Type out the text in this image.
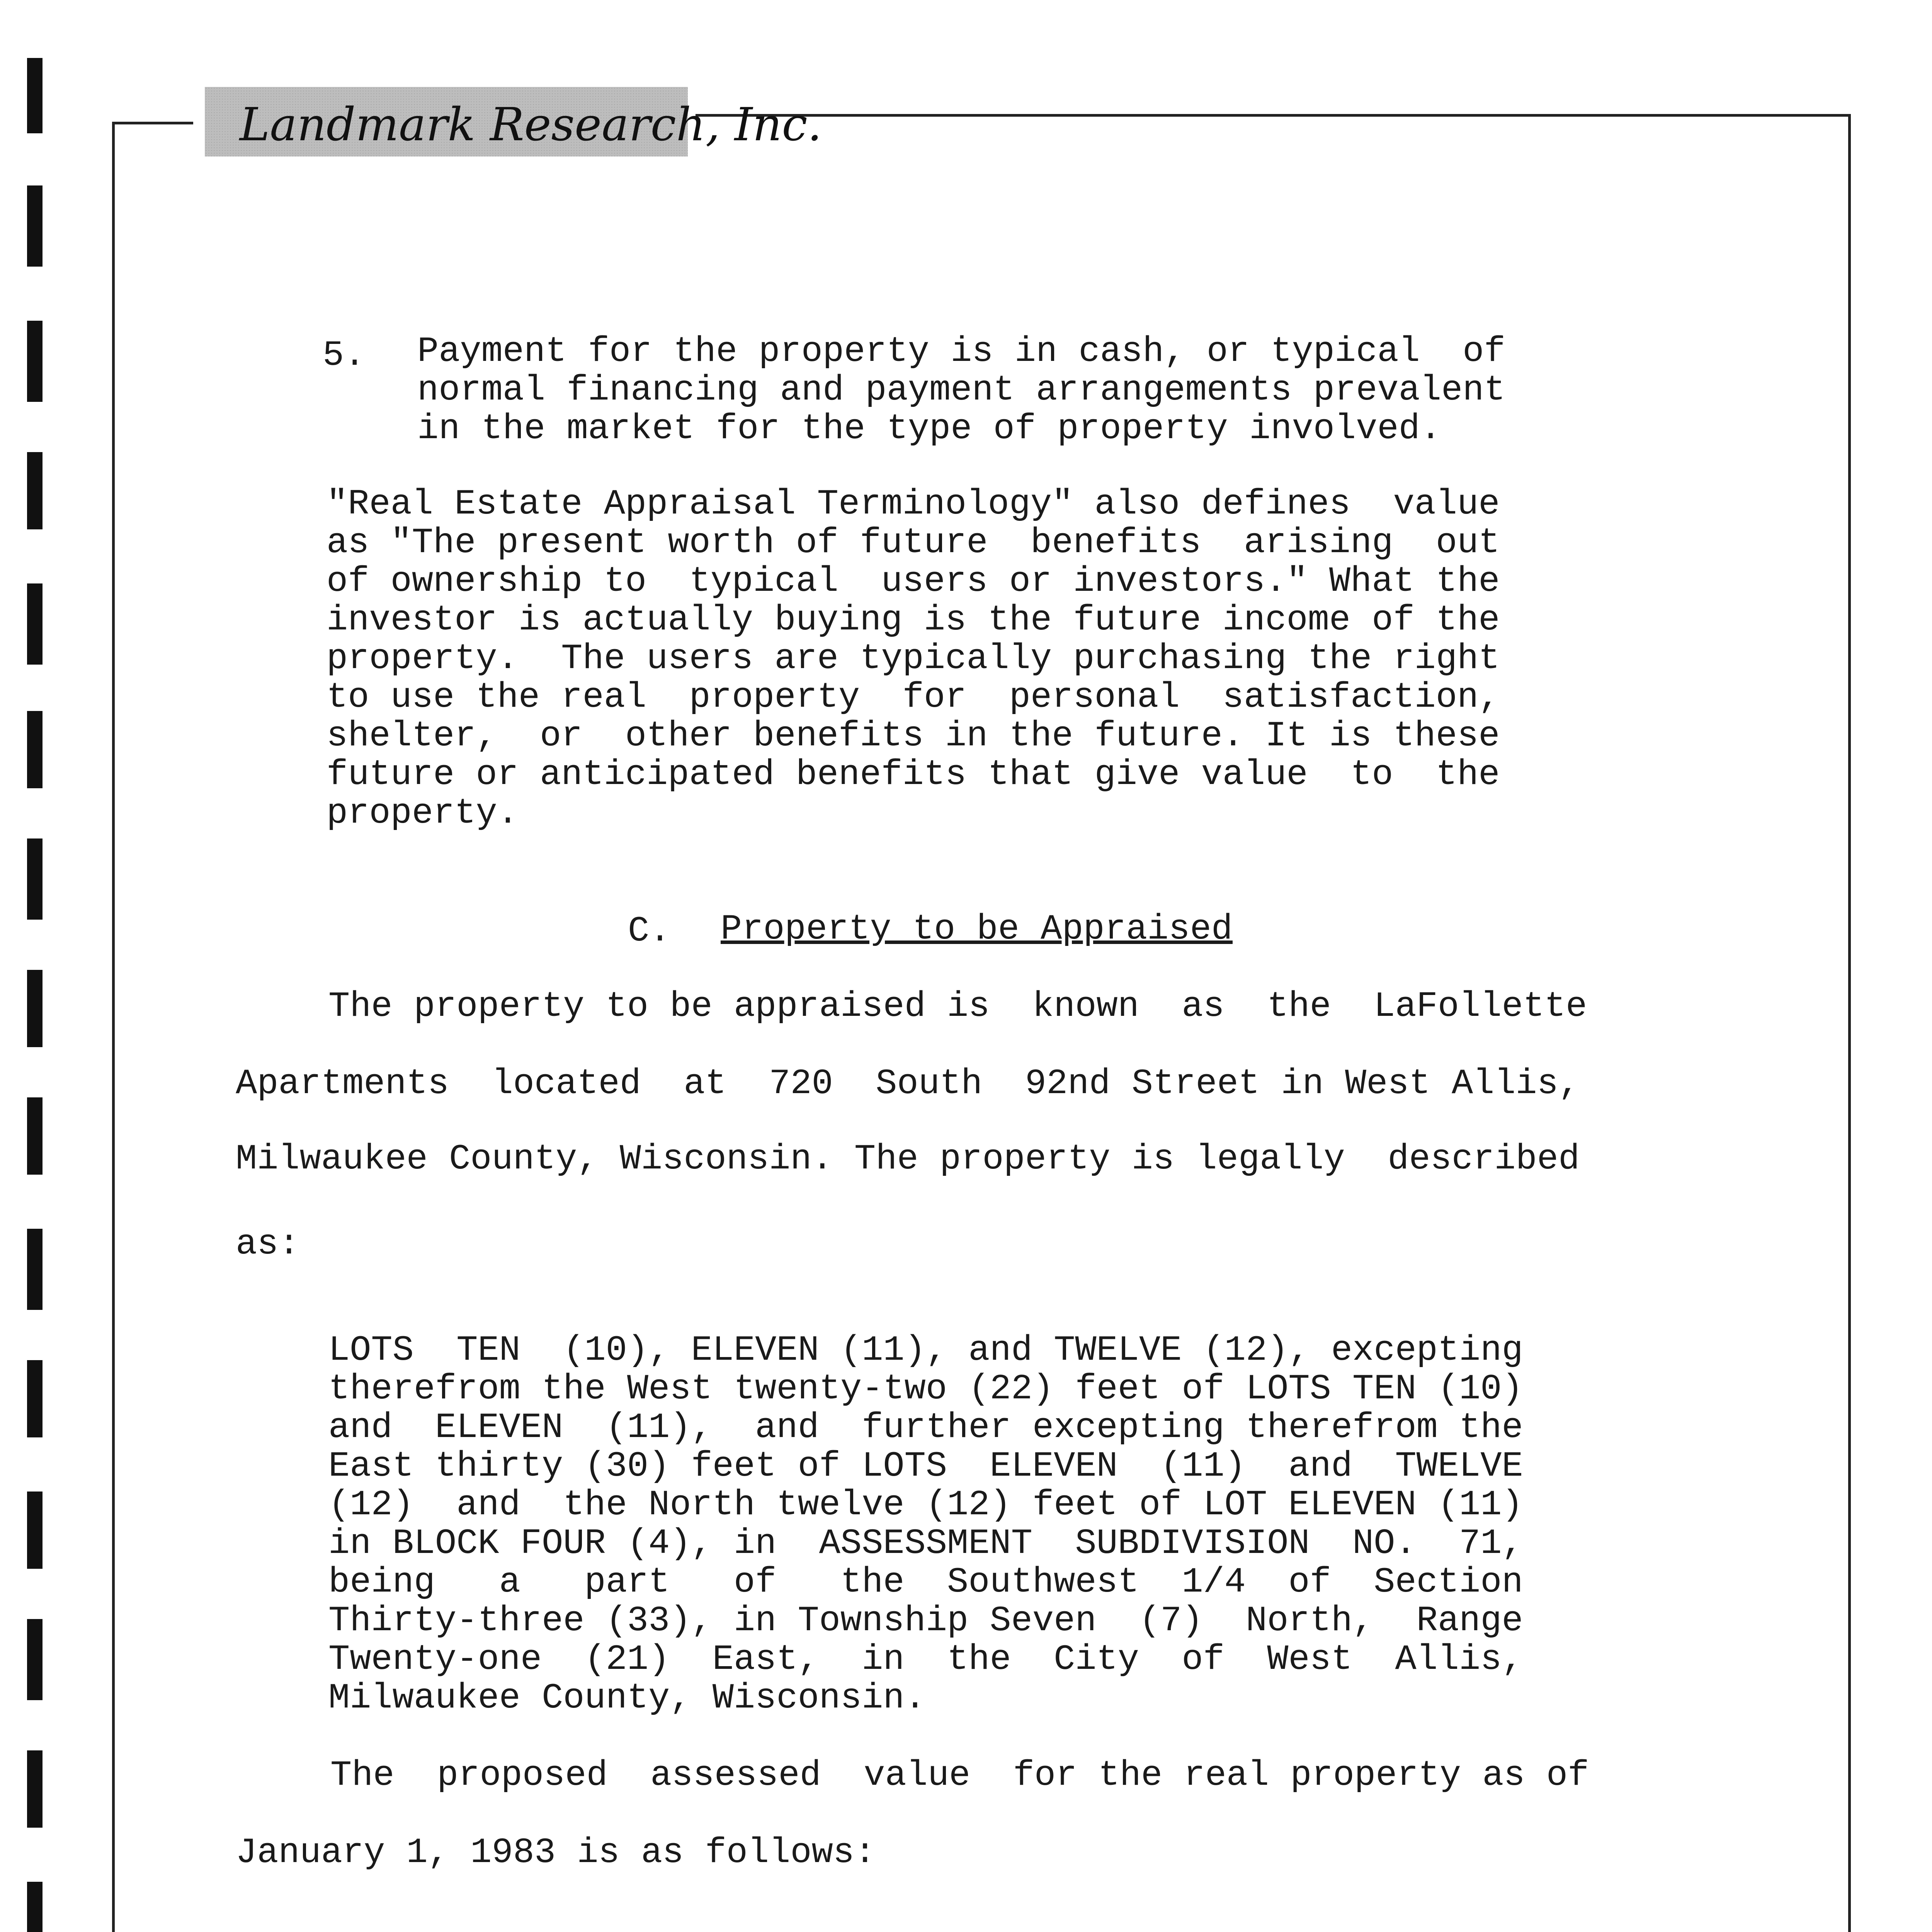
Landmark Research, Inc.
5. Payment for the property is in cash, or typical  of
normal financing and payment arrangements prevalent
in the market for the type of property involved.
"Real Estate Appraisal Terminology" also defines  value
as "The present worth of future  benefits  arising  out
of ownership to  typical  users or investors." What the
investor is actually buying is the future income of the
property.  The users are typically purchasing the right
to use the real  property  for  personal  satisfaction,
shelter,  or  other benefits in the future. It is these
future or anticipated benefits that give value  to  the
property.
C. Property to be Appraised
The property to be appraised is  known  as  the  LaFollette
Apartments  located  at  720  South  92nd Street in West Allis,
Milwaukee County, Wisconsin. The property is legally  described
as:
LOTS  TEN  (10), ELEVEN (11), and TWELVE (12), excepting
therefrom the West twenty-two (22) feet of LOTS TEN (10)
and  ELEVEN  (11),  and  further excepting therefrom the
East thirty (30) feet of LOTS  ELEVEN  (11)  and  TWELVE
(12)  and  the North twelve (12) feet of LOT ELEVEN (11)
in BLOCK FOUR (4), in  ASSESSMENT  SUBDIVISION  NO.  71,
being   a   part   of   the  Southwest  1/4  of  Section
Thirty-three (33), in Township Seven  (7)  North,  Range
Twenty-one  (21)  East,  in  the  City  of  West  Allis,
Milwaukee County, Wisconsin.
The  proposed  assessed  value  for the real property as of
January 1, 1983 is as follows:
